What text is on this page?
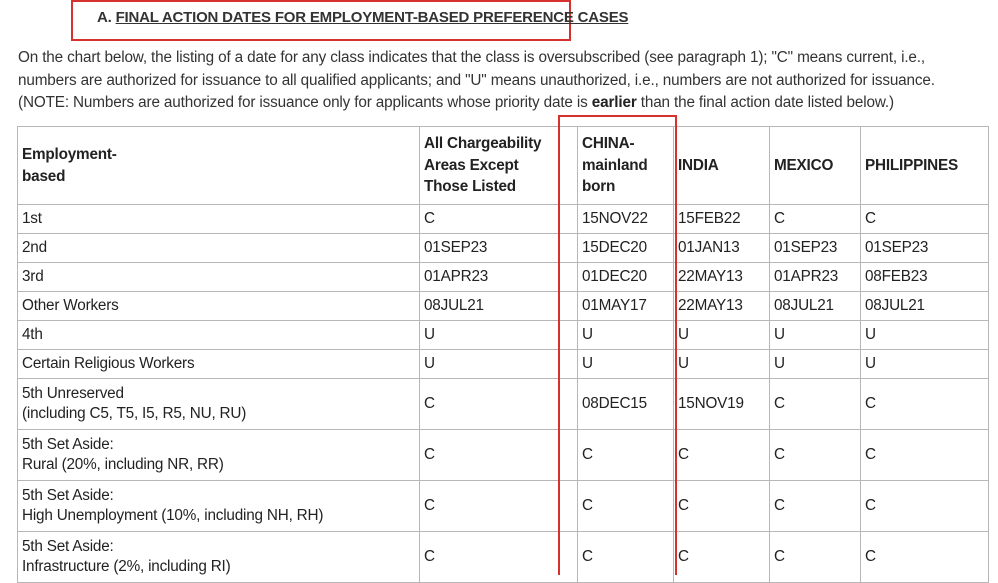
A. FINAL ACTION DATES FOR EMPLOYMENT-BASED PREFERENCE CASES
On the chart below, the listing of a date for any class indicates that the class is oversubscribed (see paragraph 1); "C" means current, i.e., numbers are authorized for issuance to all qualified applicants; and "U" means unauthorized, i.e., numbers are not authorized for issuance. (NOTE: Numbers are authorized for issuance only for applicants whose priority date is earlier than the final action date listed below.)
Employment-
based	All Chargeability
Areas Except
Those Listed	CHINA-
mainland
born	INDIA	MEXICO	PHILIPPINES

1st	C	15NOV22	15FEB22	C	C

2nd	01SEP23	15DEC20	01JAN13	01SEP23	01SEP23

3rd	01APR23	01DEC20	22MAY13	01APR23	08FEB23

Other Workers	08JUL21	01MAY17	22MAY13	08JUL21	08JUL21

4th	U	U	U	U	U

Certain Religious Workers	U	U	U	U	U

5th Unreserved
(including C5, T5, I5, R5, NU, RU)	C	08DEC15	15NOV19	C	C

5th Set Aside:
Rural (20%, including NR, RR)	C	C	C	C	C

5th Set Aside:
High Unemployment (10%, including NH, RH)	C	C	C	C	C

5th Set Aside:
Infrastructure (2%, including RI)	C	C	C	C	C
